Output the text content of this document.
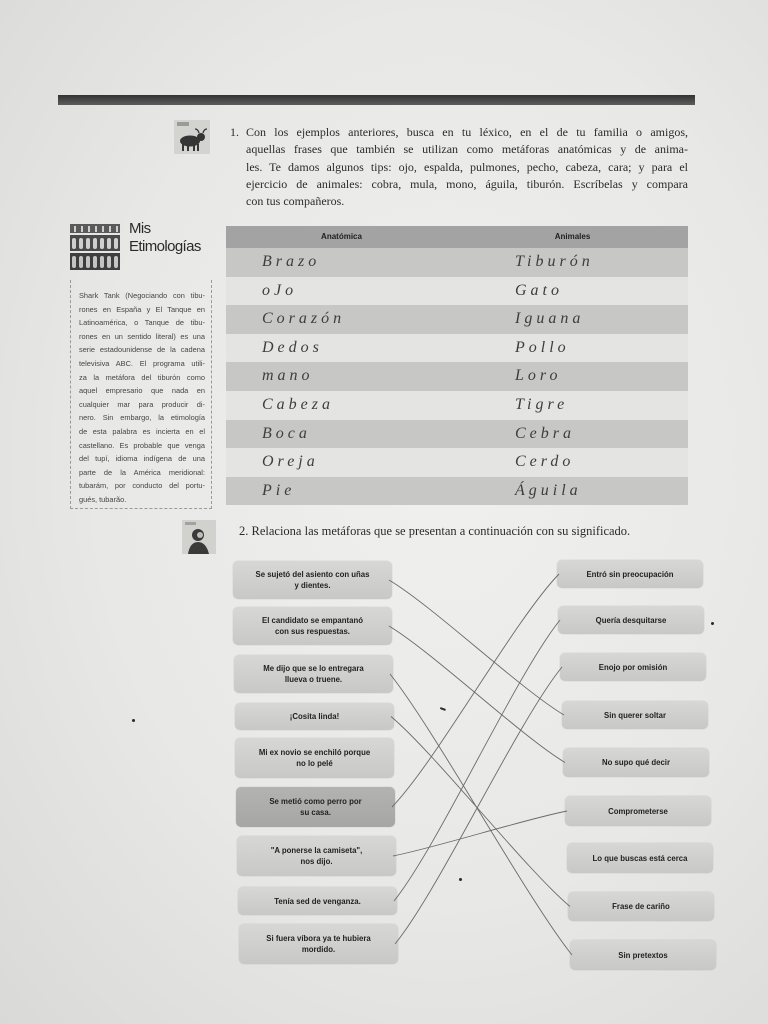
1. Con los ejemplos anteriores, busca en tu léxico, en el de tu familia o amigos,
aquellas frases que también se utilizan como metáforas anatómicas y de anima-
les. Te damos algunos tips: ojo, espalda, pulmones, pecho, cabeza, cara; y para el
ejercicio de animales: cobra, mula, mono, águila, tiburón. Escríbelas y compara
con tus compañeros.
Mis
Etimologías
Shark Tank (Negociando con tibu-
rones en España y El Tanque en
Latinoamérica, o Tanque de tibu-
rones en un sentido literal) es una
serie estadounidense de la cadena
televisiva ABC. El programa utili-
za la metáfora del tiburón como
aquel empresario que nada en
cualquier mar para producir di-
nero. Sin embargo, la etimología
de esta palabra es incierta en el
castellano. Es probable que venga
del tupí, idioma indígena de una
parte de la América meridional:
tubarám, por conducto del portu-
gués, tubarão.
Anatómica	Animales
Brazo	Tiburón
oJo	Gato
Corazón	Iguana
Dedos	Pollo
mano	Loro
Cabeza	Tigre
Boca	Cebra
Oreja	Cerdo
Pie	Águila
2. Relaciona las metáforas que se presentan a continuación con su significado.
Se sujetó del asiento con uñas
y dientes.
El candidato se empantanó
con sus respuestas.
Me dijo que se lo entregara
llueva o truene.
¡Cosita linda!
Mi ex novio se enchiló porque
no lo pelé
Se metió como perro por
su casa.
"A ponerse la camiseta",
nos dijo.
Tenía sed de venganza.
Si fuera víbora ya te hubiera
mordido.
Entró sin preocupación
Quería desquitarse
Enojo por omisión
Sin querer soltar
No supo qué decir
Comprometerse
Lo que buscas está cerca
Frase de cariño
Sin pretextos
